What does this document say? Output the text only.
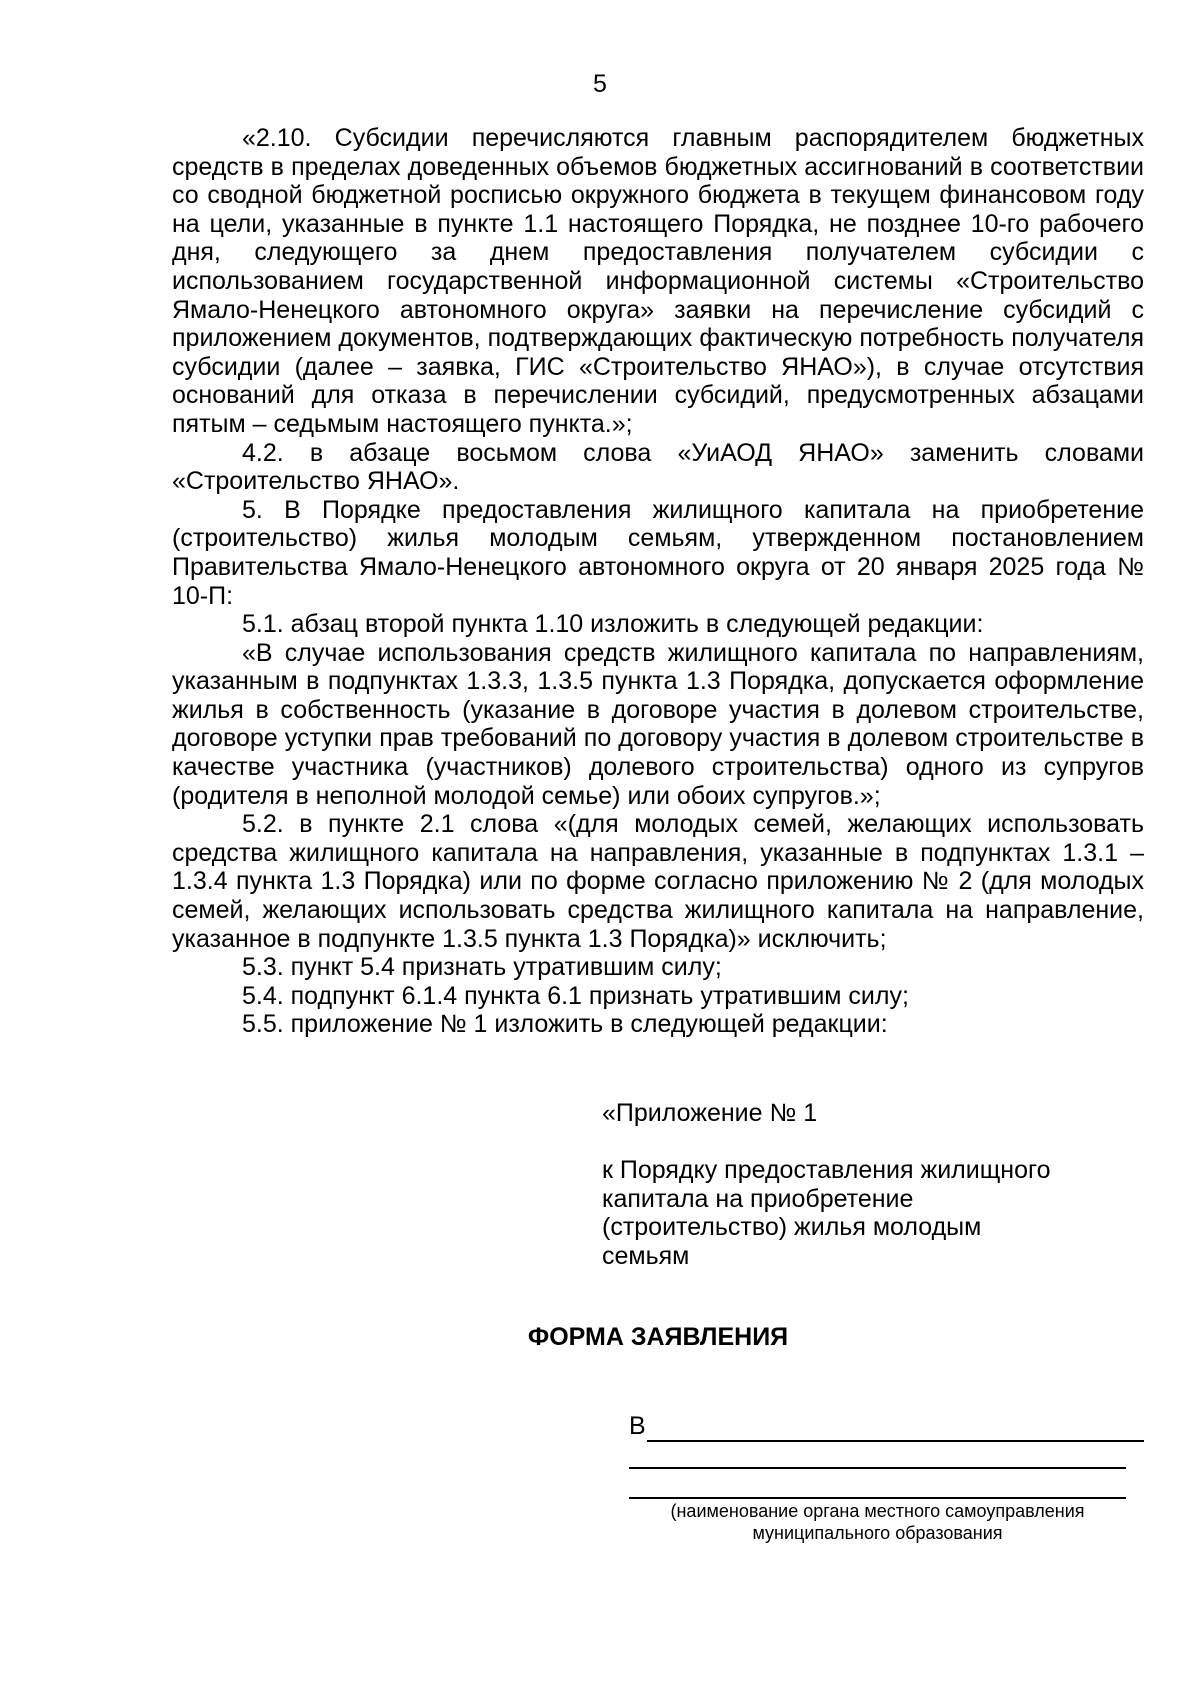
5

«2.10. Субсидии перечисляются главным распорядителем бюджетных средств в пределах доведенных объемов бюджетных ассигнований в соответствии со сводной бюджетной росписью окружного бюджета в текущем финансовом году на цели, указанные в пункте 1.1 настоящего Порядка, не позднее 10-го рабочего дня, следующего за днем предоставления получателем субсидии с использованием государственной информационной системы «Строительство Ямало-Ненецкого автономного округа» заявки на перечисление субсидий с приложением документов, подтверждающих фактическую потребность получателя субсидии (далее – заявка, ГИС «Строительство ЯНАО»), в случае отсутствия оснований для отказа в перечислении субсидий, предусмотренных абзацами пятым – седьмым настоящего пункта.»;

4.2. в абзаце восьмом слова «УиАОД ЯНАО» заменить словами «Строительство ЯНАО».

5. В Порядке предоставления жилищного капитала на приобретение (строительство) жилья молодым семьям, утвержденном постановлением Правительства Ямало-Ненецкого автономного округа от 20 января 2025 года № 10-П:

5.1. абзац второй пункта 1.10 изложить в следующей редакции:

«В случае использования средств жилищного капитала по направлениям, указанным в подпунктах 1.3.3, 1.3.5 пункта 1.3 Порядка, допускается оформление жилья в собственность (указание в договоре участия в долевом строительстве, договоре уступки прав требований по договору участия в долевом строительстве в качестве участника (участников) долевого строительства) одного из супругов (родителя в неполной молодой семье) или обоих супругов.»;

5.2. в пункте 2.1 слова «(для молодых семей, желающих использовать средства жилищного капитала на направления, указанные в подпунктах 1.3.1 – 1.3.4 пункта 1.3 Порядка) или по форме согласно приложению № 2 (для молодых семей, желающих использовать средства жилищного капитала на направление, указанное в подпункте 1.3.5 пункта 1.3 Порядка)» исключить;

5.3. пункт 5.4 признать утратившим силу;

5.4. подпункт 6.1.4 пункта 6.1 признать утратившим силу;

5.5. приложение № 1 изложить в следующей редакции:

«Приложение № 1

к Порядку предоставления жилищного

капитала на приобретение

(строительство) жилья молодым

семьям

ФОРМА ЗАЯВЛЕНИЯ
В
(наименование органа местного самоуправления
муниципального образования
